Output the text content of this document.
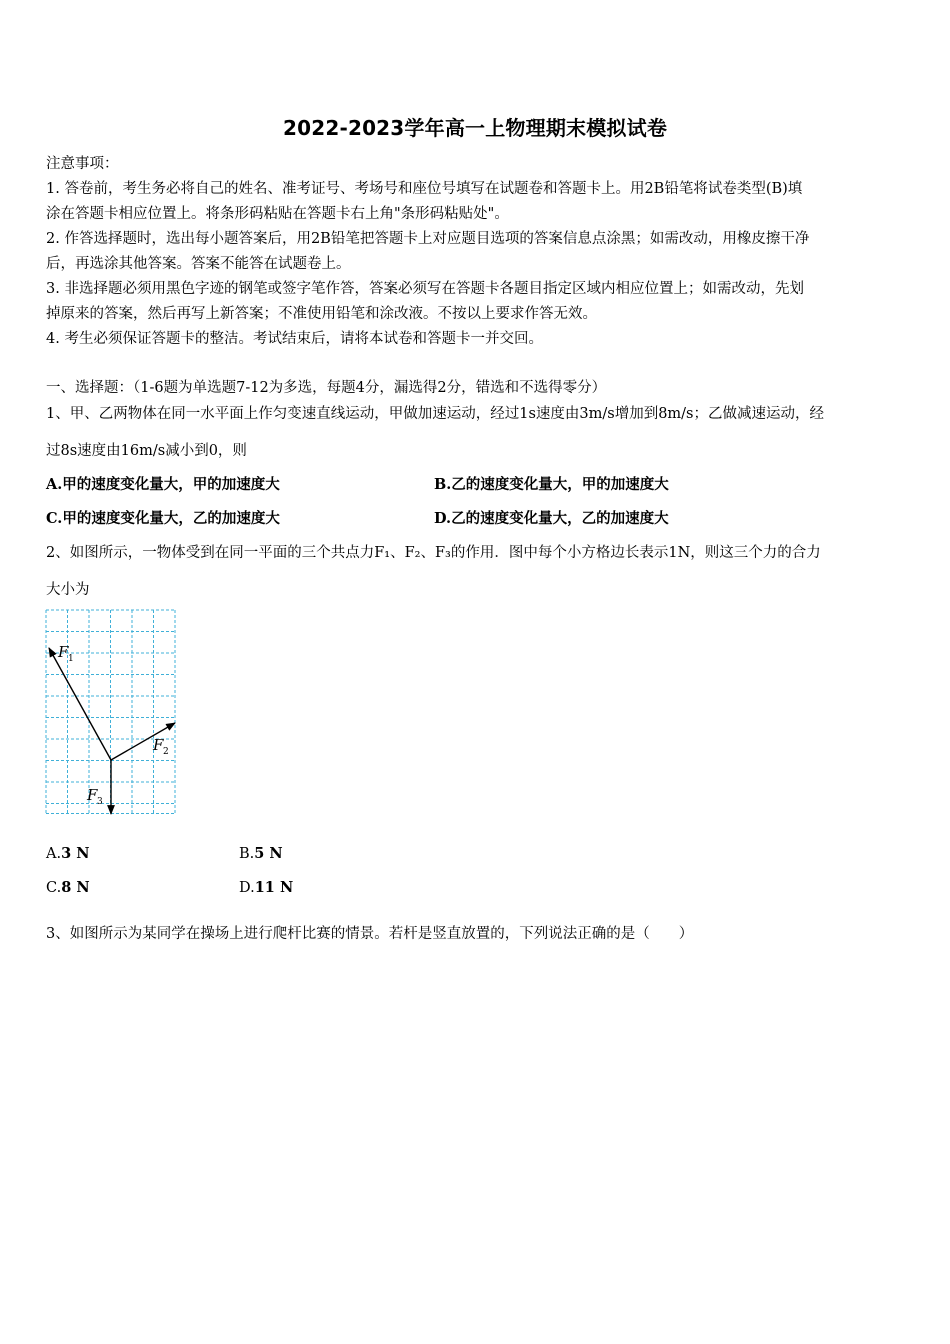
2022-2023学年高一上物理期末模拟试卷
注意事项：
1. 答卷前，考生务必将自己的姓名、准考证号、考场号和座位号填写在试题卷和答题卡上。用2B铅笔将试卷类型(B)填
涂在答题卡相应位置上。将条形码粘贴在答题卡右上角"条形码粘贴处"。
2. 作答选择题时，选出每小题答案后，用2B铅笔把答题卡上对应题目选项的答案信息点涂黑；如需改动，用橡皮擦干净
后，再选涂其他答案。答案不能答在试题卷上。
3. 非选择题必须用黑色字迹的钢笔或签字笔作答，答案必须写在答题卡各题目指定区域内相应位置上；如需改动，先划
掉原来的答案，然后再写上新答案；不准使用铅笔和涂改液。不按以上要求作答无效。
4. 考生必须保证答题卡的整洁。考试结束后，请将本试卷和答题卡一并交回。
一、选择题：（1-6题为单选题7-12为多选，每题4分，漏选得2分，错选和不选得零分）
1、甲、乙两物体在同一水平面上作匀变速直线运动，甲做加速运动，经过1s速度由3m/s增加到8m/s；乙做减速运动，经
过8s速度由16m/s减小到0，则
A.甲的速度变化量大，甲的加速度大	B.乙的速度变化量大，甲的加速度大
C.甲的速度变化量大，乙的加速度大	D.乙的速度变化量大，乙的加速度大
2、如图所示，一物体受到在同一平面的三个共点力F₁、F₂、F₃的作用．图中每个小方格边长表示1N，则这三个力的合力
大小为
F 1
F 2
F 3
A.3 N	B.5 N
C.8 N	D.11 N
3、如图所示为某同学在操场上进行爬杆比赛的情景。若杆是竖直放置的，下列说法正确的是（　　）
